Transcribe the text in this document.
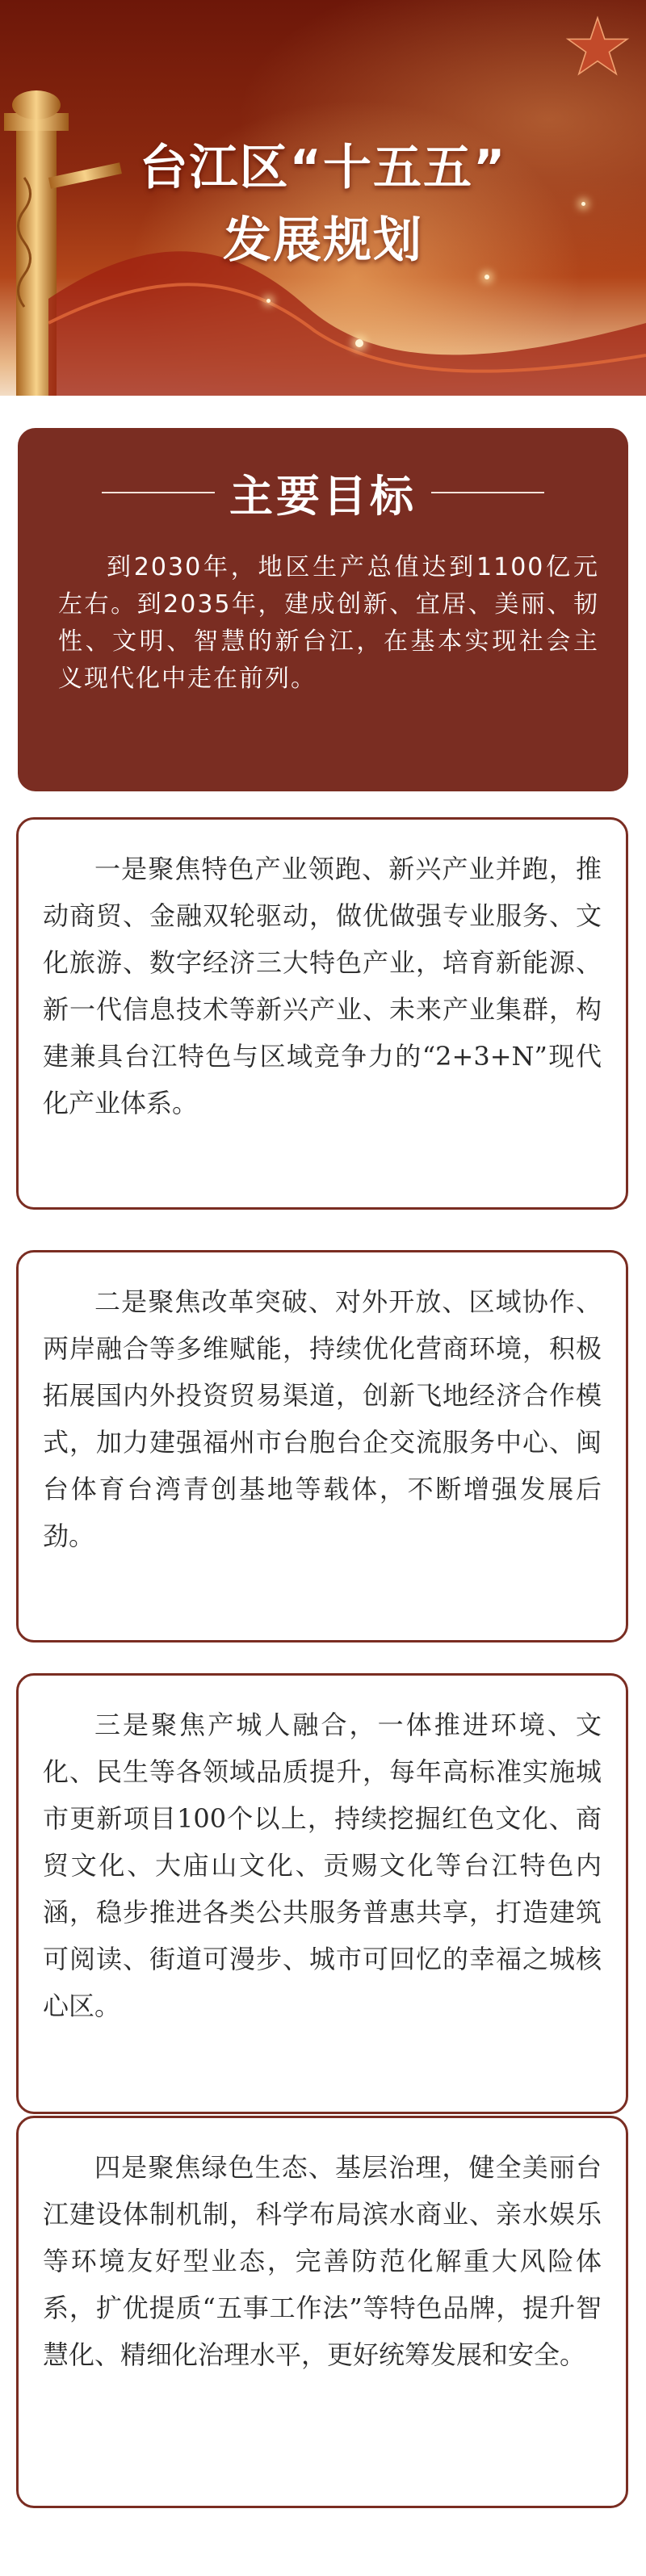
台江区“十五五”
发展规划
主要目标
到2030年，地区生产总值达到1100亿元左右。到2035年，建成创新、宜居、美丽、韧性、文明、智慧的新台江，在基本实现社会主义现代化中走在前列。
一是聚焦特色产业领跑、新兴产业并跑，推动商贸、金融双轮驱动，做优做强专业服务、文化旅游、数字经济三大特色产业，培育新能源、新一代信息技术等新兴产业、未来产业集群，构建兼具台江特色与区域竞争力的“2+3+N”现代化产业体系。
二是聚焦改革突破、对外开放、区域协作、两岸融合等多维赋能，持续优化营商环境，积极拓展国内外投资贸易渠道，创新飞地经济合作模式，加力建强福州市台胞台企交流服务中心、闽台体育台湾青创基地等载体，不断增强发展后劲。
三是聚焦产城人融合，一体推进环境、文化、民生等各领域品质提升，每年高标准实施城市更新项目100个以上，持续挖掘红色文化、商贸文化、大庙山文化、贡赐文化等台江特色内涵，稳步推进各类公共服务普惠共享，打造建筑可阅读、街道可漫步、城市可回忆的幸福之城核心区。
四是聚焦绿色生态、基层治理，健全美丽台江建设体制机制，科学布局滨水商业、亲水娱乐等环境友好型业态，完善防范化解重大风险体系，扩优提质“五事工作法”等特色品牌，提升智慧化、精细化治理水平，更好统筹发展和安全。
